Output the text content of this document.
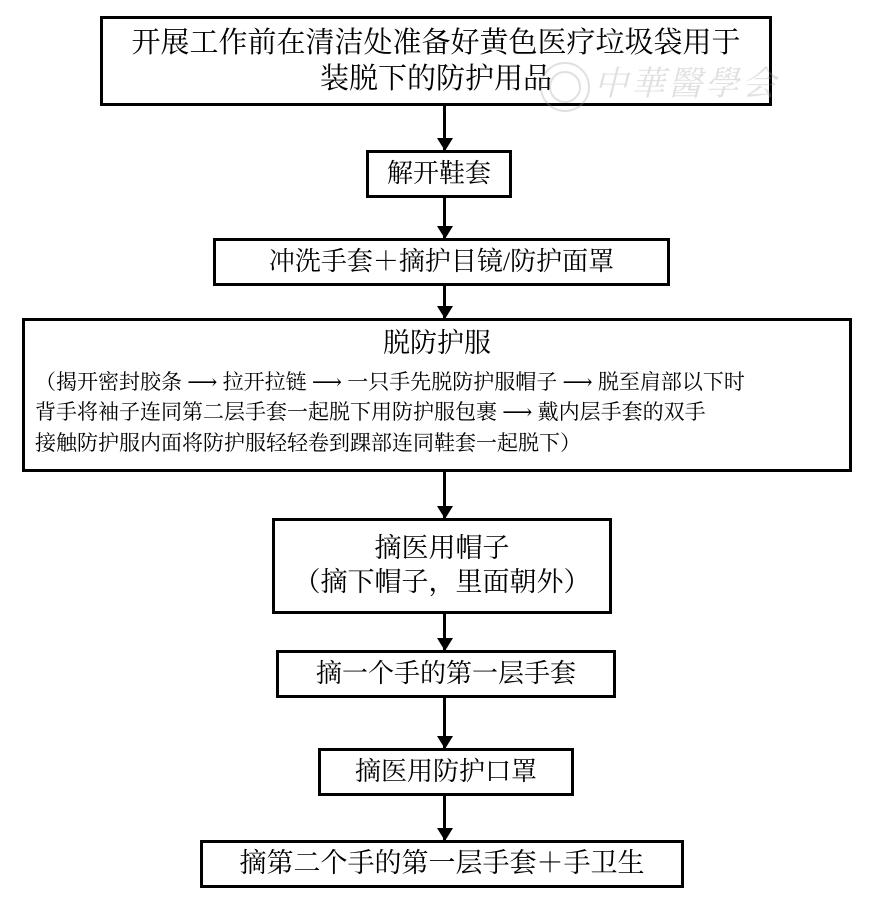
开展工作前在清洁处准备好黄色医疗垃圾袋用于
装脱下的防护用品
解开鞋套
冲洗手套＋摘护目镜/防护面罩
脱防护服
（揭开密封胶条 ⟶ 拉开拉链 ⟶ 一只手先脱防护服帽子 ⟶ 脱至肩部以下时
背手将袖子连同第二层手套一起脱下用防护服包裹 ⟶ 戴内层手套的双手
接触防护服内面将防护服轻轻卷到踝部连同鞋套一起脱下）
摘医用帽子
（摘下帽子，里面朝外）
摘一个手的第一层手套
摘医用防护口罩
摘第二个手的第一层手套＋手卫生
中華醫學会
